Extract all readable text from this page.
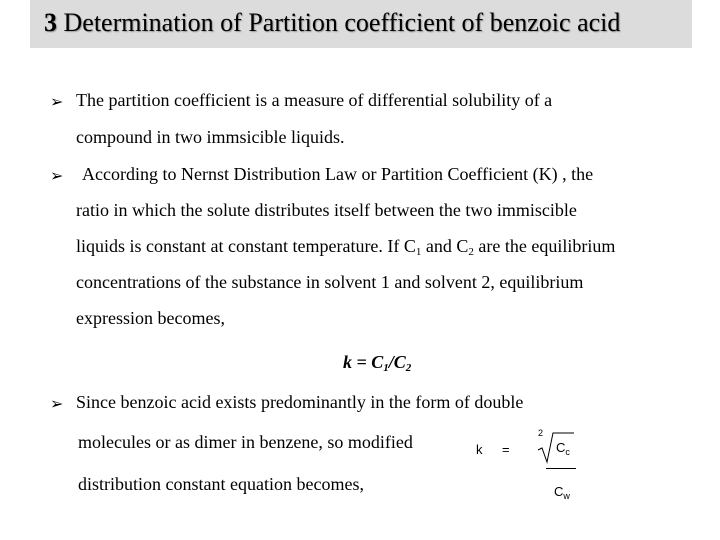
3 Determination of Partition coefficient of benzoic acid
➢ The partition coefficient is a measure of differential solubility of a
compound in two immsicible liquids.
➢ According to Nernst Distribution Law or Partition Coefficient (K) , the
ratio in which the solute distributes itself between the two immiscible
liquids is constant at constant temperature. If $C_1$ and $C_2$ are the equilibrium
concentrations of the substance in solvent 1 and solvent 2, equilibrium
expression becomes,
$k = C_1/C_2$
➢ Since benzoic acid exists predominantly in the form of double
molecules or as dimer in benzene, so modified
distribution constant equation becomes,
k =
2
$C_c$
$C_w$
